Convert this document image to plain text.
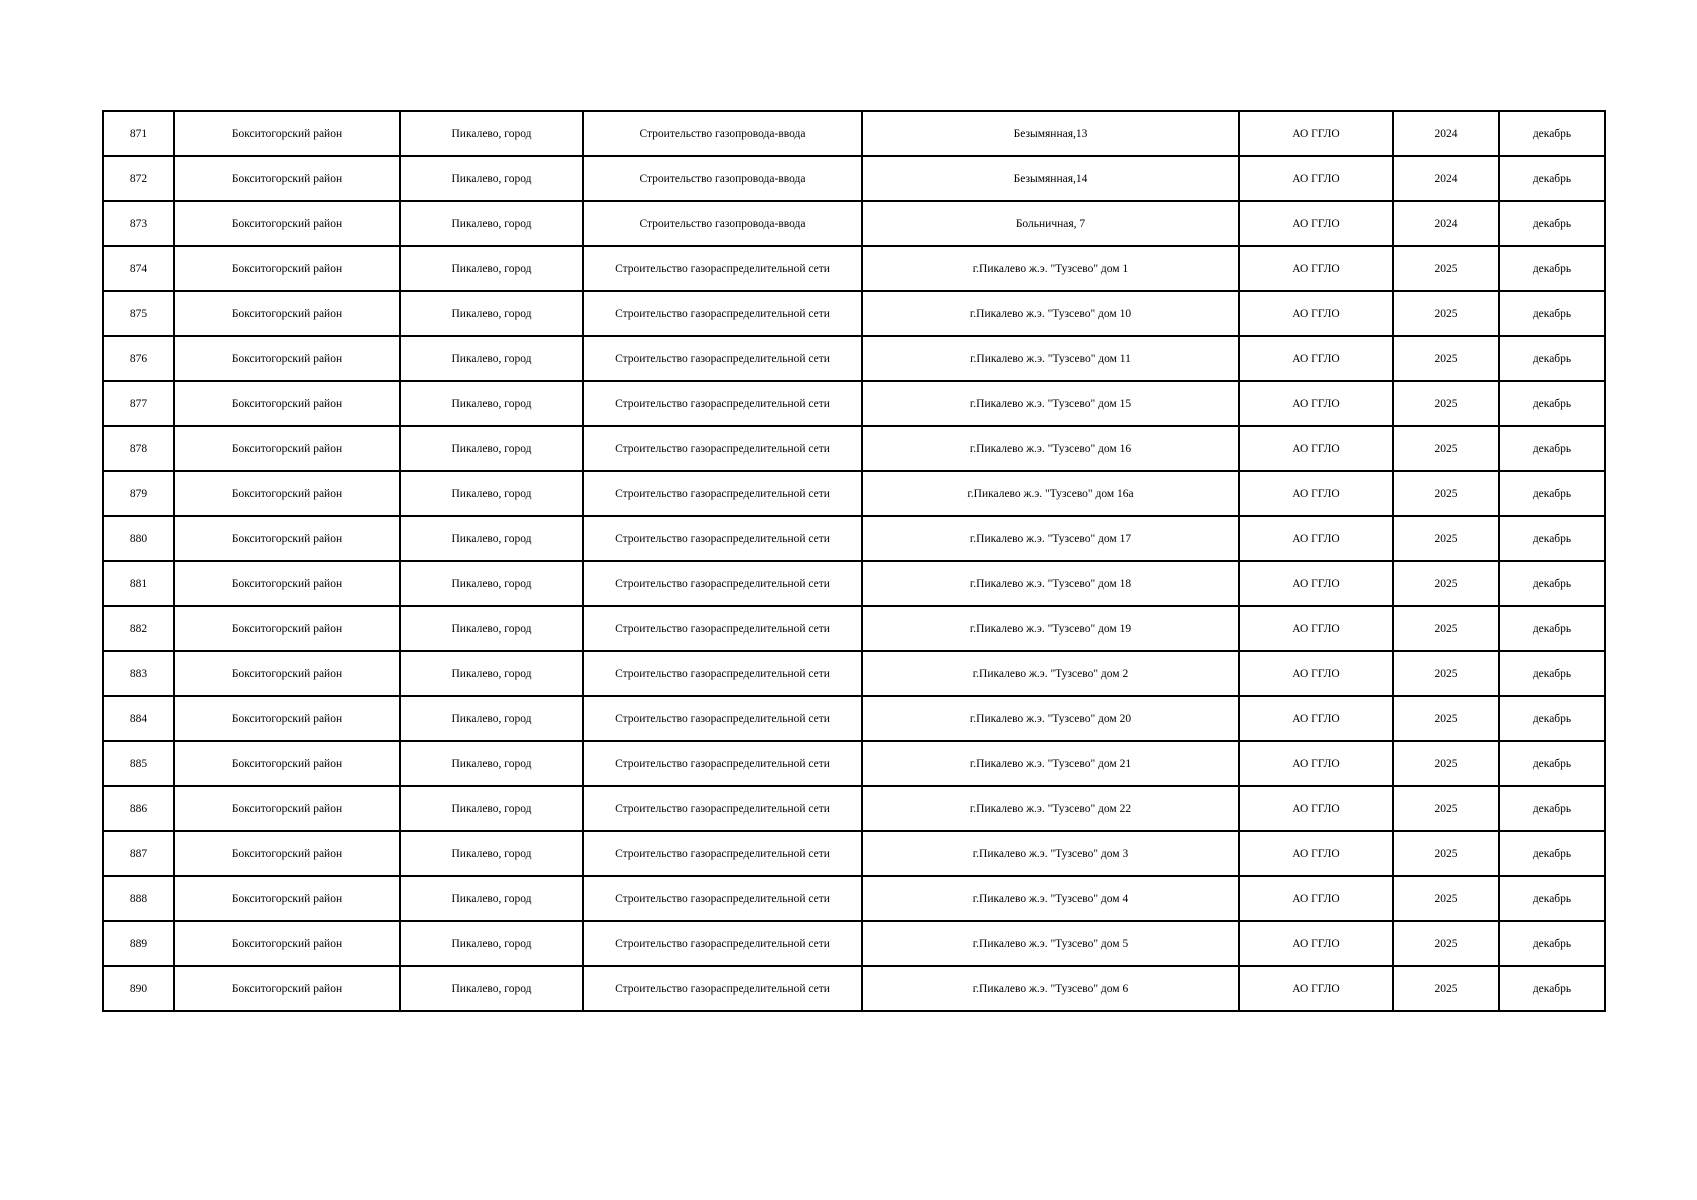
871	Бокситогорский район	Пикалево, город	Строительство газопровода-ввода	Безымянная,13	АО ГГЛО	2024	декабрь
872	Бокситогорский район	Пикалево, город	Строительство газопровода-ввода	Безымянная,14	АО ГГЛО	2024	декабрь
873	Бокситогорский район	Пикалево, город	Строительство газопровода-ввода	Больничная, 7	АО ГГЛО	2024	декабрь
874	Бокситогорский район	Пикалево, город	Строительство газораспределительной сети	г.Пикалево ж.э. "Тузсево" дом 1	АО ГГЛО	2025	декабрь
875	Бокситогорский район	Пикалево, город	Строительство газораспределительной сети	г.Пикалево ж.э. "Тузсево" дом 10	АО ГГЛО	2025	декабрь
876	Бокситогорский район	Пикалево, город	Строительство газораспределительной сети	г.Пикалево ж.э. "Тузсево" дом 11	АО ГГЛО	2025	декабрь
877	Бокситогорский район	Пикалево, город	Строительство газораспределительной сети	г.Пикалево ж.э. "Тузсево" дом 15	АО ГГЛО	2025	декабрь
878	Бокситогорский район	Пикалево, город	Строительство газораспределительной сети	г.Пикалево ж.э. "Тузсево" дом 16	АО ГГЛО	2025	декабрь
879	Бокситогорский район	Пикалево, город	Строительство газораспределительной сети	г.Пикалево ж.э. "Тузсево" дом 16а	АО ГГЛО	2025	декабрь
880	Бокситогорский район	Пикалево, город	Строительство газораспределительной сети	г.Пикалево ж.э. "Тузсево" дом 17	АО ГГЛО	2025	декабрь
881	Бокситогорский район	Пикалево, город	Строительство газораспределительной сети	г.Пикалево ж.э. "Тузсево" дом 18	АО ГГЛО	2025	декабрь
882	Бокситогорский район	Пикалево, город	Строительство газораспределительной сети	г.Пикалево ж.э. "Тузсево" дом 19	АО ГГЛО	2025	декабрь
883	Бокситогорский район	Пикалево, город	Строительство газораспределительной сети	г.Пикалево ж.э. "Тузсево" дом 2	АО ГГЛО	2025	декабрь
884	Бокситогорский район	Пикалево, город	Строительство газораспределительной сети	г.Пикалево ж.э. "Тузсево" дом 20	АО ГГЛО	2025	декабрь
885	Бокситогорский район	Пикалево, город	Строительство газораспределительной сети	г.Пикалево ж.э. "Тузсево" дом 21	АО ГГЛО	2025	декабрь
886	Бокситогорский район	Пикалево, город	Строительство газораспределительной сети	г.Пикалево ж.э. "Тузсево" дом 22	АО ГГЛО	2025	декабрь
887	Бокситогорский район	Пикалево, город	Строительство газораспределительной сети	г.Пикалево ж.э. "Тузсево" дом 3	АО ГГЛО	2025	декабрь
888	Бокситогорский район	Пикалево, город	Строительство газораспределительной сети	г.Пикалево ж.э. "Тузсево" дом 4	АО ГГЛО	2025	декабрь
889	Бокситогорский район	Пикалево, город	Строительство газораспределительной сети	г.Пикалево ж.э. "Тузсево" дом 5	АО ГГЛО	2025	декабрь
890	Бокситогорский район	Пикалево, город	Строительство газораспределительной сети	г.Пикалево ж.э. "Тузсево" дом 6	АО ГГЛО	2025	декабрь
